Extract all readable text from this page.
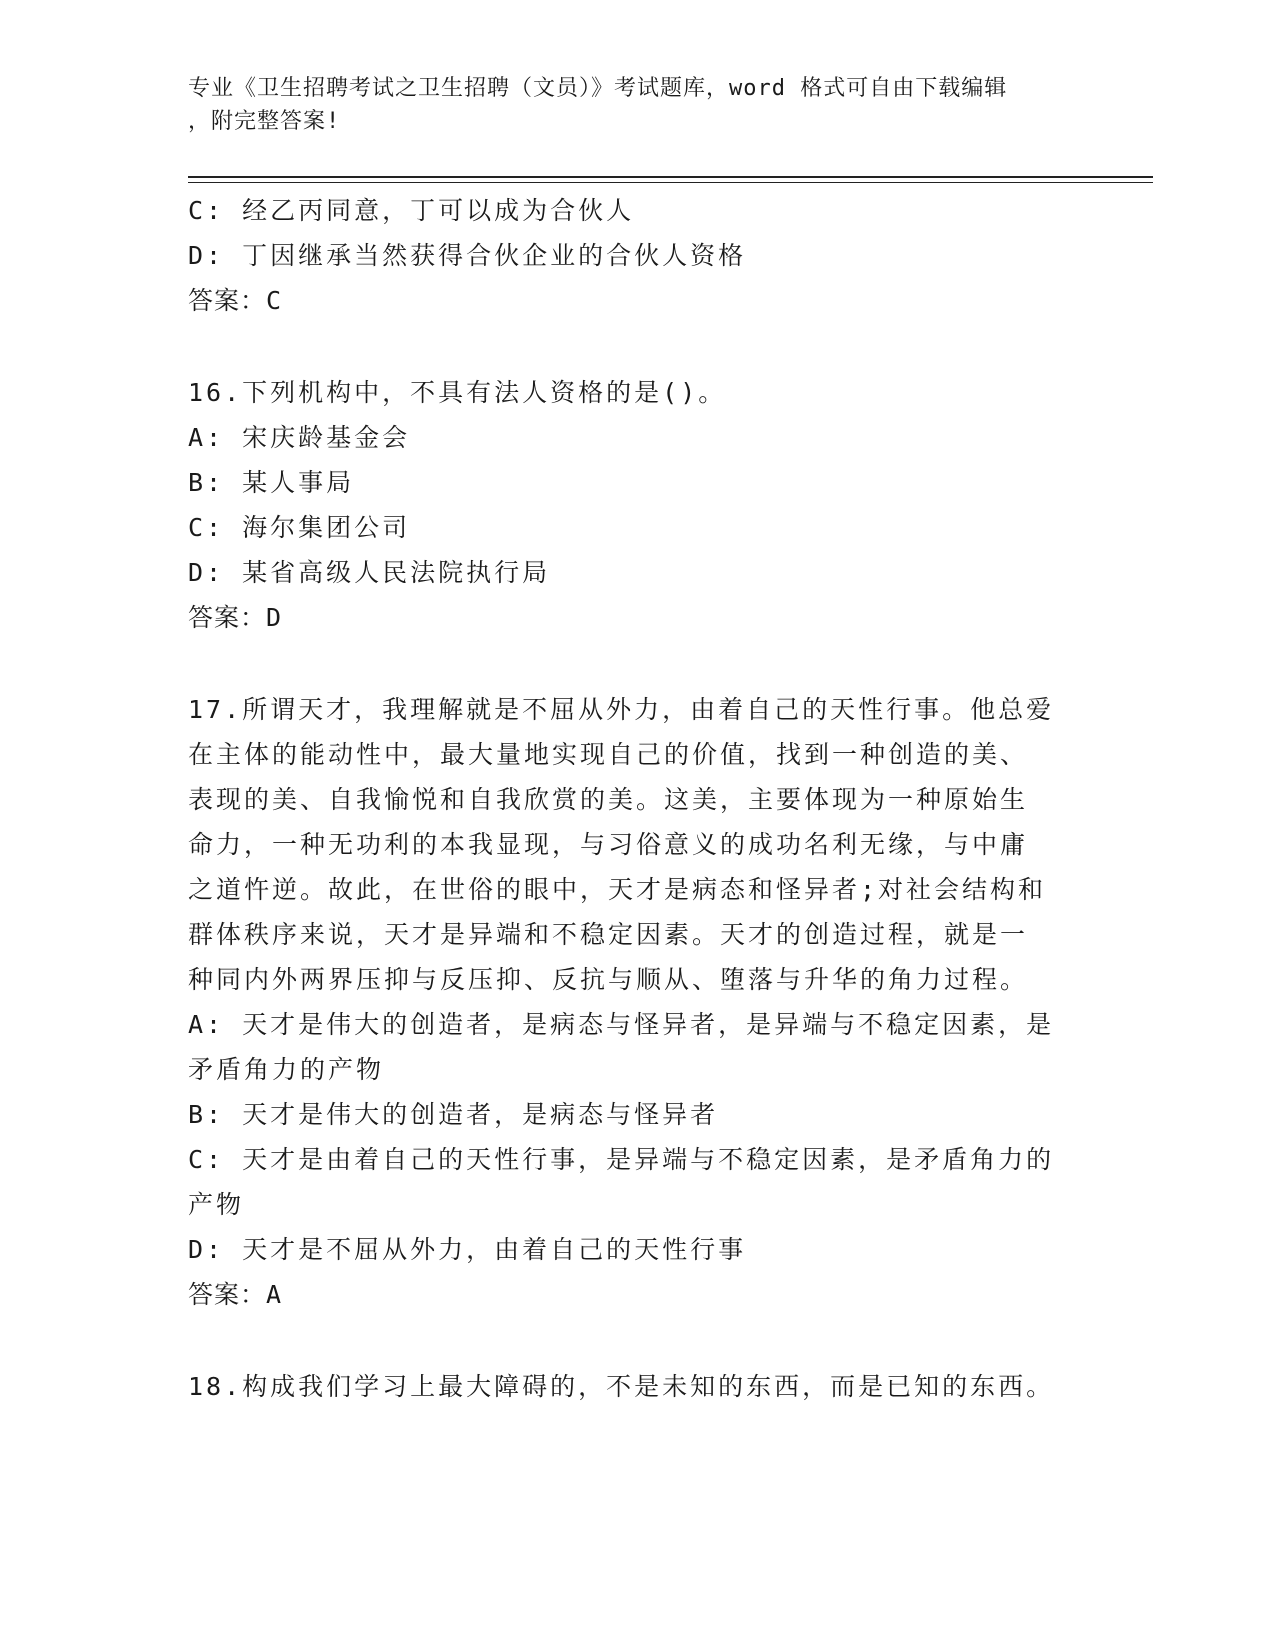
专业《卫生招聘考试之卫生招聘（文员）》考试题库，word 格式可自由下载编辑
，附完整答案!
C: 经乙丙同意，丁可以成为合伙人
D: 丁因继承当然获得合伙企业的合伙人资格
答案：C
16.下列机构中，不具有法人资格的是()。
A: 宋庆龄基金会
B: 某人事局
C: 海尔集团公司
D: 某省高级人民法院执行局
答案：D
17.所谓天才，我理解就是不屈从外力，由着自己的天性行事。他总爱
在主体的能动性中，最大量地实现自己的价值，找到一种创造的美、
表现的美、自我愉悦和自我欣赏的美。这美，主要体现为一种原始生
命力，一种无功利的本我显现，与习俗意义的成功名利无缘，与中庸
之道忤逆。故此，在世俗的眼中，天才是病态和怪异者;对社会结构和
群体秩序来说，天才是异端和不稳定因素。天才的创造过程，就是一
种同内外两界压抑与反压抑、反抗与顺从、堕落与升华的角力过程。
A: 天才是伟大的创造者，是病态与怪异者，是异端与不稳定因素，是
矛盾角力的产物
B: 天才是伟大的创造者，是病态与怪异者
C: 天才是由着自己的天性行事，是异端与不稳定因素，是矛盾角力的
产物
D: 天才是不屈从外力，由着自己的天性行事
答案：A
18.构成我们学习上最大障碍的，不是未知的东西，而是已知的东西。
